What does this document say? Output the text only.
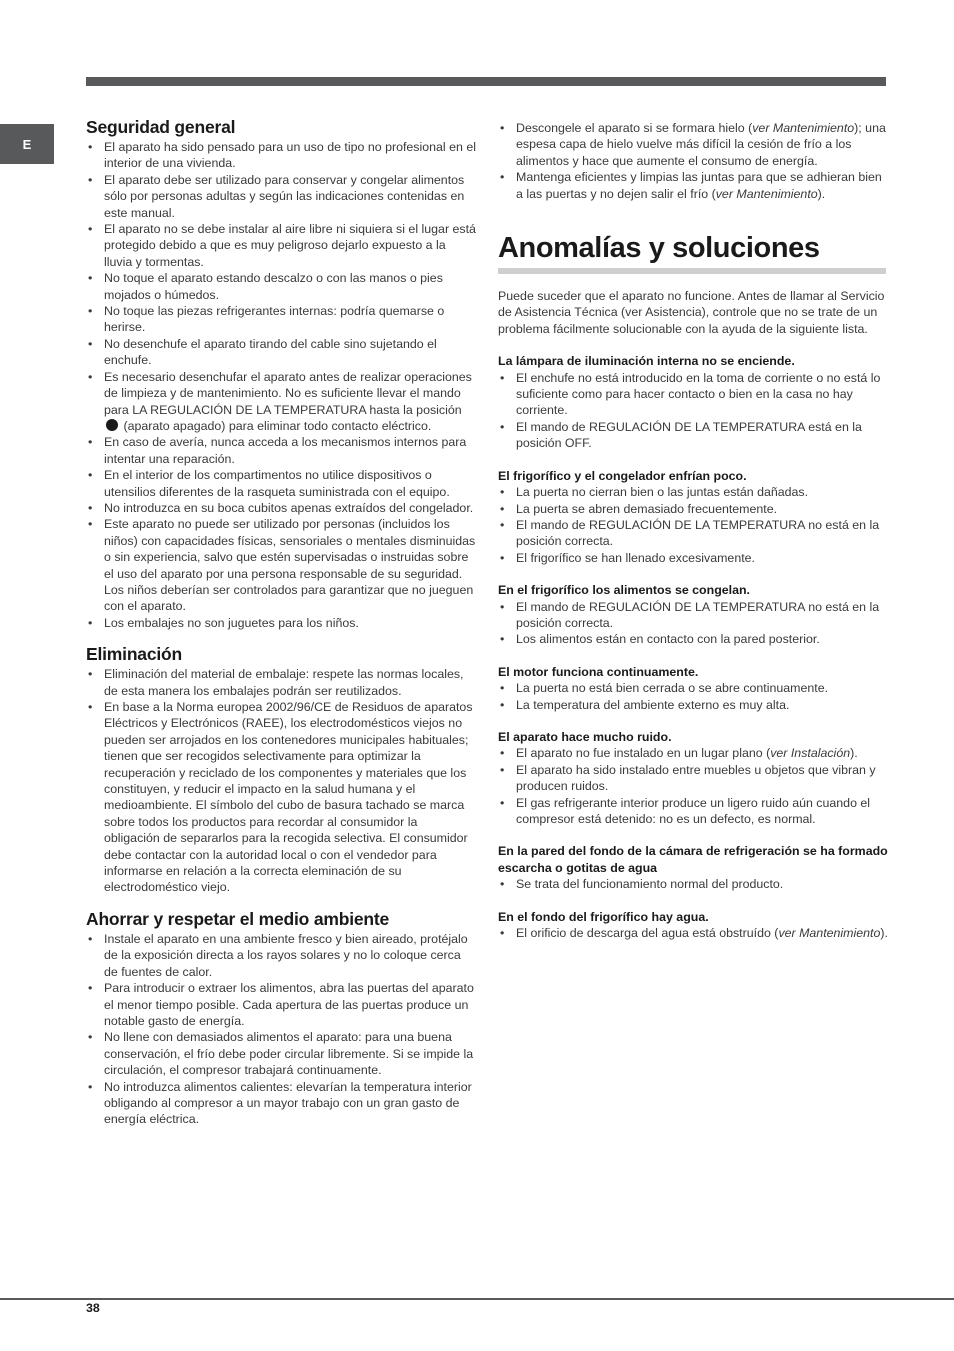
E
Seguridad general
• El aparato ha sido pensado para un uso de tipo no profesional en el interior de una vivienda.
• El aparato debe ser utilizado para conservar y congelar alimentos sólo por personas adultas y según las indicaciones contenidas en este manual.
• El aparato no se debe instalar al aire libre ni siquiera si el lugar está protegido debido a que es muy peligroso dejarlo expuesto a la lluvia y tormentas.
• No toque el aparato estando descalzo o con las manos o pies mojados o húmedos.
• No toque las piezas refrigerantes internas: podría quemarse o herirse.
• No desenchufe el aparato tirando del cable sino sujetando el enchufe.
• Es necesario desenchufar el aparato antes de realizar operaciones de limpieza y de mantenimiento. No es suficiente llevar el mando para LA REGULACIÓN DE LA TEMPERATURA hasta la posición  (aparato apagado) para eliminar todo contacto eléctrico.
• En caso de avería, nunca acceda a los mecanismos internos para intentar una reparación.
• En el interior de los compartimentos no utilice dispositivos o utensilios diferentes de la rasqueta suministrada con el equipo.
• No introduzca en su boca cubitos apenas extraídos del congelador.
• Este aparato no puede ser utilizado por personas (incluidos los niños) con capacidades físicas, sensoriales o mentales disminuidas o sin experiencia, salvo que estén supervisadas o instruidas sobre el uso del aparato por una persona responsable de su seguridad. Los niños deberían ser controlados para garantizar que no jueguen con el aparato.
• Los embalajes no son juguetes para los niños.
Eliminación
• Eliminación del material de embalaje: respete las normas locales, de esta manera los embalajes podrán ser reutilizados.
• En base a la Norma europea 2002/96/CE de Residuos de aparatos Eléctricos y Electrónicos (RAEE), los electrodomésticos viejos no pueden ser arrojados en los contenedores municipales habituales; tienen que ser recogidos selectivamente para optimizar la recuperación y reciclado de los componentes y materiales que los constituyen, y reducir el impacto en la salud humana y el medioambiente. El símbolo del cubo de basura tachado se marca sobre todos los productos para recordar al consumidor la obligación de separarlos para la recogida selectiva. El consumidor debe contactar con la autoridad local o con el vendedor para informarse en relación a la correcta eleminación de su electrodoméstico viejo.
Ahorrar y respetar el medio ambiente
• Instale el aparato en una ambiente fresco y bien aireado, protéjalo de la exposición directa a los rayos solares y no lo coloque cerca de fuentes de calor.
• Para introducir o extraer los alimentos, abra las puertas del aparato el menor tiempo posible. Cada apertura de las puertas produce un notable gasto de energía.
• No llene con demasiados alimentos el aparato: para una buena conservación, el frío debe poder circular libremente. Si se impide la circulación, el compresor trabajará continuamente.
• No introduzca alimentos calientes: elevarían la temperatura interior obligando al compresor a un mayor trabajo con un gran gasto de energía eléctrica.
• Descongele el aparato si se formara hielo (ver Mantenimiento); una espesa capa de hielo vuelve más difícil la cesión de frío a los alimentos y hace que aumente el consumo de energía.
• Mantenga eficientes y limpias las juntas para que se adhieran bien a las puertas y no dejen salir el frío (ver Mantenimiento).
Anomalías y soluciones

Puede suceder que el aparato no funcione. Antes de llamar al Servicio de Asistencia Técnica (ver Asistencia), controle que no se trate de un problema fácilmente solucionable con la ayuda de la siguiente lista.

La lámpara de iluminación interna no se enciende.
• El enchufe no está introducido en la toma de corriente o no está lo suficiente como para hacer contacto o bien en la casa no hay corriente.
• El mando de REGULACIÓN DE LA TEMPERATURA está en la posición OFF.
El frigorífico y el congelador enfrían poco.
• La puerta no cierran bien o las juntas están dañadas.
• La puerta se abren demasiado frecuentemente.
• El mando de REGULACIÓN DE LA TEMPERATURA no está en la posición correcta.
• El frigorífico se han llenado excesivamente.
En el frigorífico los alimentos se congelan.
• El mando de REGULACIÓN DE LA TEMPERATURA no está en la posición correcta.
• Los alimentos están en contacto con la pared posterior.
El motor funciona continuamente.
• La puerta no está bien cerrada o se abre continuamente.
• La temperatura del ambiente externo es muy alta.
El aparato hace mucho ruido.
• El aparato no fue instalado en un lugar plano (ver Instalación).
• El aparato ha sido instalado entre muebles u objetos que vibran y producen ruidos.
• El gas refrigerante interior produce un ligero ruido aún cuando el compresor está detenido: no es un defecto, es normal.
En la pared del fondo de la cámara de refrigeración se ha formado escarcha o gotitas de agua
• Se trata del funcionamiento normal del producto.
En el fondo del frigorífico hay agua.
• El orificio de descarga del agua está obstruído (ver Mantenimiento).
38
